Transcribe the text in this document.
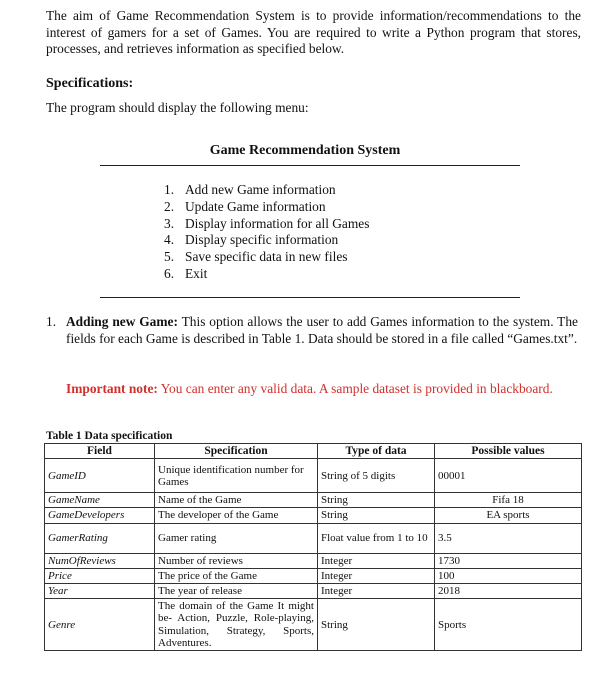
The aim of Game Recommendation System is to provide information/recommendations to the interest of gamers for a set of Games. You are required to write a Python program that stores, processes, and retrieves information as specified below.
Specifications:
The program should display the following menu:
Game Recommendation System
1. Add new Game information
2. Update Game information
3. Display information for all Games
4. Display specific information
5. Save specific data in new files
6. Exit
1. Adding new Game: This option allows the user to add Games information to the system. The fields for each Game is described in Table 1. Data should be stored in a file called “Games.txt”.
Important note: You can enter any valid data. A sample dataset is provided in blackboard.
Table 1 Data specification
Field	Specification	Type of data	Possible values
GameID	Unique identification number for Games	String of 5 digits	00001
GameName	Name of the Game	String	Fifa 18
GameDevelopers	The developer of the Game	String	EA sports
GamerRating	Gamer rating	Float value from 1 to 10	3.5
NumOfReviews	Number of reviews	Integer	1730
Price	The price of the Game	Integer	100
Year	The year of release	Integer	2018
Genre	The domain of the Game It might be- Action, Puzzle, Role-playing, Simulation, Strategy, Sports, Adventures.	String	Sports
